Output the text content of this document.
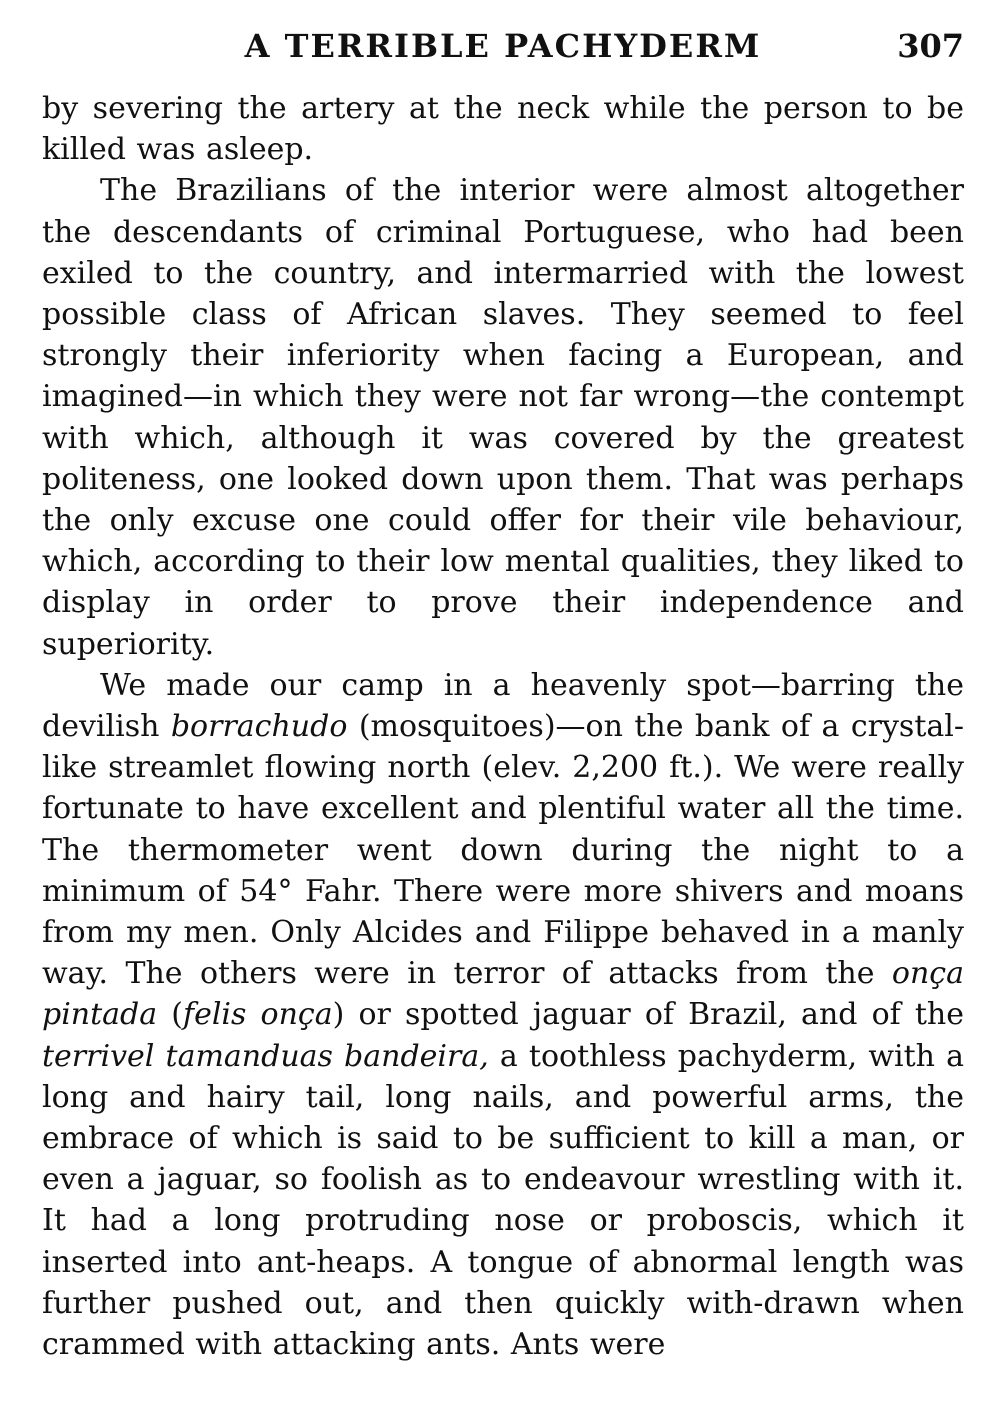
A TERRIBLE PACHYDERM	307

by severing the artery at the neck while the person to be killed was asleep.

The Brazilians of the interior were almost altogether the descendants of criminal Portuguese, who had been exiled to the country, and intermarried with the lowest possible class of African slaves. They seemed to feel strongly their inferiority when facing a European, and imagined—in which they were not far wrong—the contempt with which, although it was covered by the greatest politeness, one looked down upon them. That was perhaps the only excuse one could offer for their vile behaviour, which, according to their low mental qualities, they liked to display in order to prove their independence and superiority.

We made our camp in a heavenly spot—barring the devilish borrachudo (mosquitoes)—on the bank of a crystal-like streamlet flowing north (elev. 2,200 ft.). We were really fortunate to have excellent and plentiful water all the time. The thermometer went down during the night to a minimum of 54° Fahr. There were more shivers and moans from my men. Only Alcides and Filippe behaved in a manly way. The others were in terror of attacks from the onça pintada (felis onça) or spotted jaguar of Brazil, and of the terrivel tamanduas bandeira, a toothless pachyderm, with a long and hairy tail, long nails, and powerful arms, the embrace of which is said to be sufficient to kill a man, or even a jaguar, so foolish as to endeavour wrestling with it. It had a long protruding nose or proboscis, which it inserted into ant-heaps. A tongue of abnormal length was further pushed out, and then quickly with-drawn when crammed with attacking ants. Ants were
